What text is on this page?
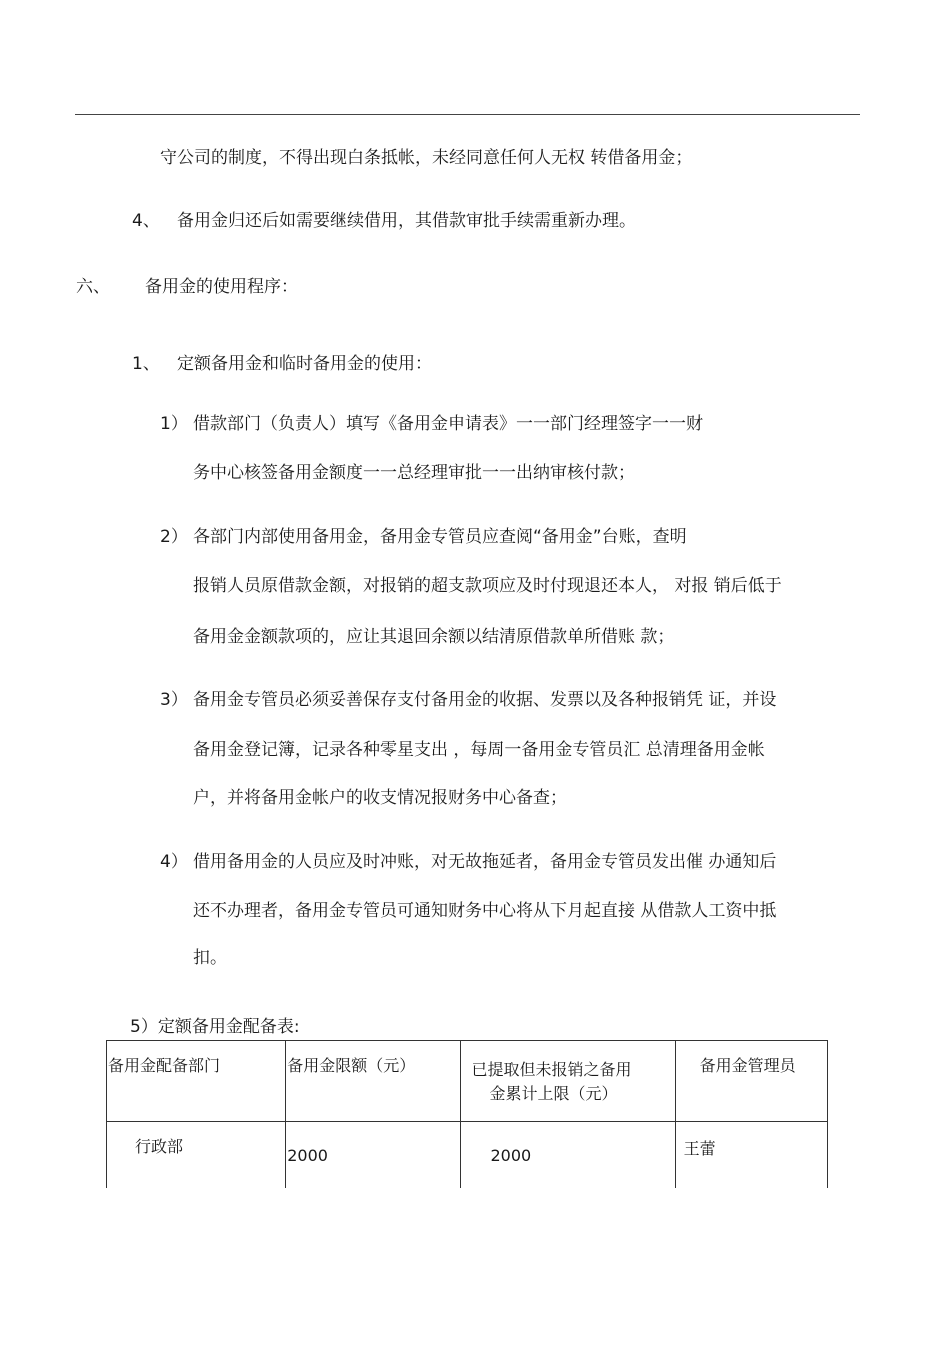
守公司的制度，不得出现白条抵帐，未经同意任何人无权 转借备用金；
4、 备用金归还后如需要继续借用，其借款审批手续需重新办理。
六、 备用金的使用程序：
1、 定额备用金和临时备用金的使用：
1） 借款部门（负责人）填写《备用金申请表》一一部门经理签字一一财
务中心核签备用金额度一一总经理审批一一出纳审核付款；
2） 各部门内部使用备用金，备用金专管员应查阅“备用金”台账，查明
报销人员原借款金额，对报销的超支款项应及时付现退还本人， 对报 销后低于
备用金金额款项的，应让其退回余额以结清原借款单所借账 款；
3） 备用金专管员必须妥善保存支付备用金的收据、发票以及各种报销凭 证，并设
备用金登记簿，记录各种零星支出 ，每周一备用金专管员汇 总清理备用金帐
户，并将备用金帐户的收支情况报财务中心备查；
4） 借用备用金的人员应及时冲账，对无故拖延者，备用金专管员发出催 办通知后
还不办理者，备用金专管员可通知财务中心将从下月起直接 从借款人工资中抵
扣。
5）定额备用金配备表:
备用金配备部门	备用金限额（元）	已提取但未报销之备用
金累计上限（元）	备用金管理员

行政部	2000	2000	王蕾
